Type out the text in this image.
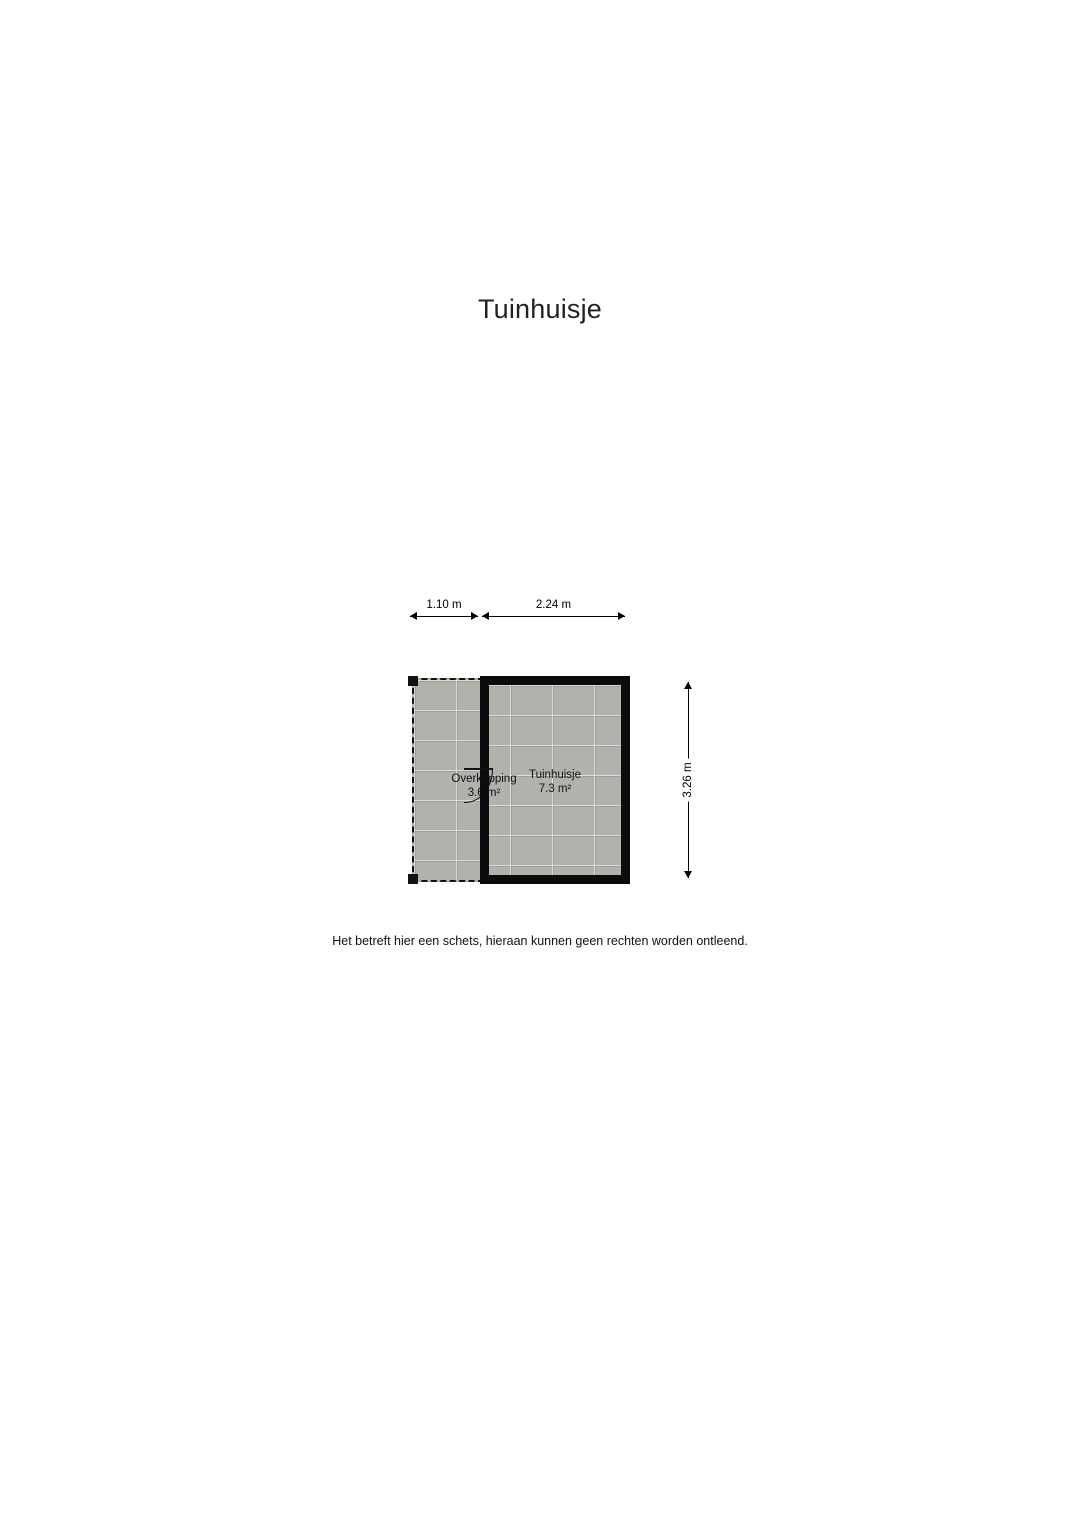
Tuinhuisje
1.10 m	2.24 m
3.26 m
Overkapping
3.6 m²
Tuinhuisje
7.3 m²
Het betreft hier een schets, hieraan kunnen geen rechten worden ontleend.
